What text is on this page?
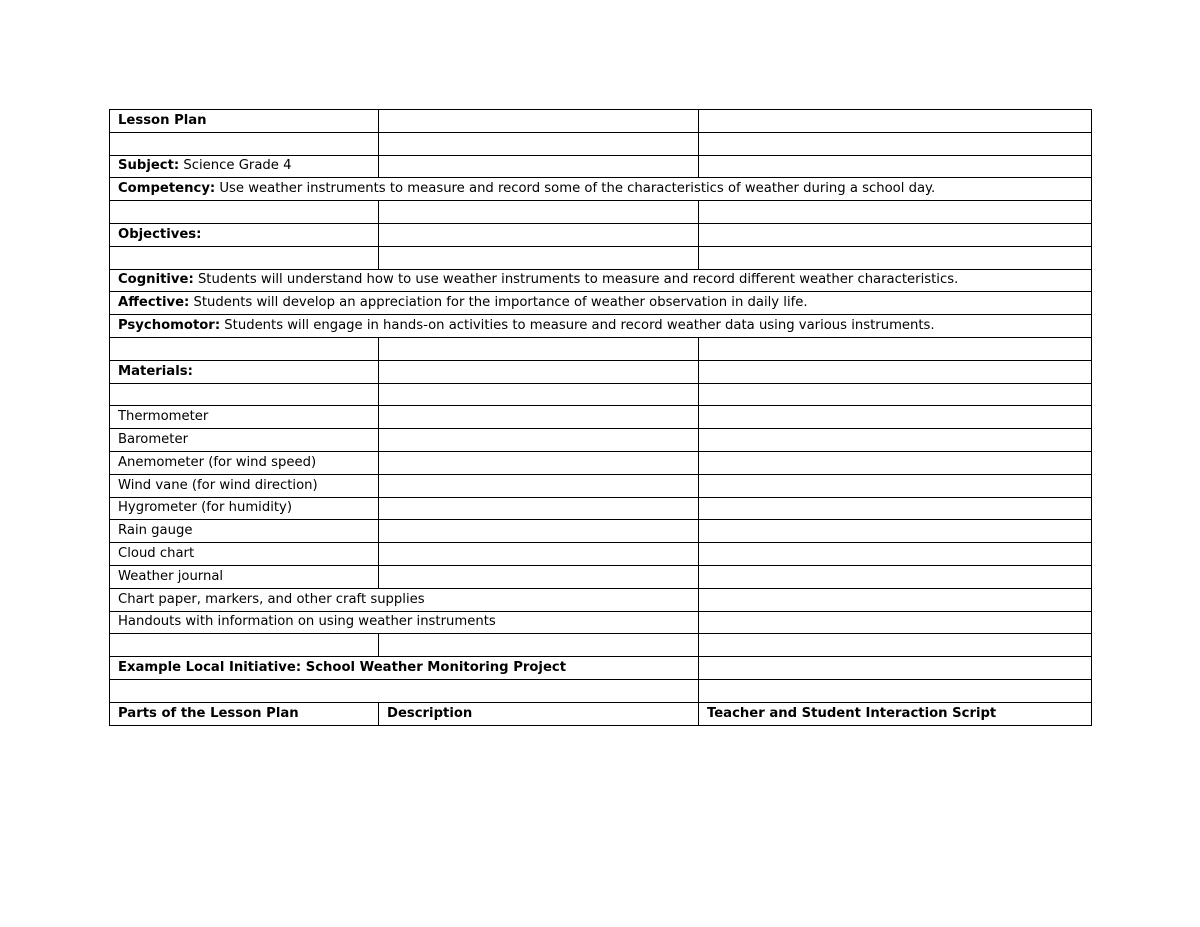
Lesson Plan		

Subject: Science Grade 4		
Competency: Use weather instruments to measure and record some of the characteristics of weather during a school day.		

Objectives:		

Cognitive: Students will understand how to use weather instruments to measure and record different weather characteristics.		
Affective: Students will develop an appreciation for the importance of weather observation in daily life.		
Psychomotor: Students will engage in hands-on activities to measure and record weather data using various instruments.		

Materials:		

Thermometer		
Barometer		
Anemometer (for wind speed)		
Wind vane (for wind direction)		
Hygrometer (for humidity)		
Rain gauge		
Cloud chart		
Weather journal		
Chart paper, markers, and other craft supplies		
Handouts with information on using weather instruments		

Example Local Initiative: School Weather Monitoring Project		

Parts of the Lesson Plan	Description	Teacher and Student Interaction Script
